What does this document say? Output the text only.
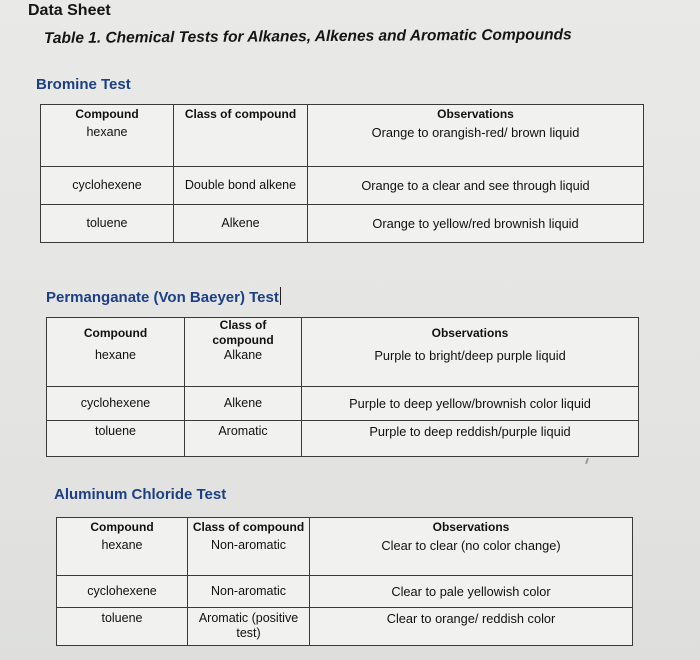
Data Sheet
Table 1. Chemical Tests for Alkanes, Alkenes and Aromatic Compounds
Bromine Test
Compound	Class of compound	Observations

hexane		Orange to orangish-red/ brown liquid

cyclohexene	Double bond alkene	Orange to a clear and see through liquid

toluene	Alkene	Orange to yellow/red brownish liquid
Permanganate (Von Baeyer) Test
Compound	Class of compound	Observations

hexane	Alkane	Purple to bright/deep purple liquid

cyclohexene	Alkene	Purple to deep yellow/brownish color liquid

toluene	Aromatic	Purple to deep reddish/purple liquid
Aluminum Chloride Test
Compound	Class of compound	Observations

hexane	Non-aromatic	Clear to clear (no color change)

cyclohexene	Non-aromatic	Clear to pale yellowish color

toluene	Aromatic (positive test)	Clear to orange/ reddish color
